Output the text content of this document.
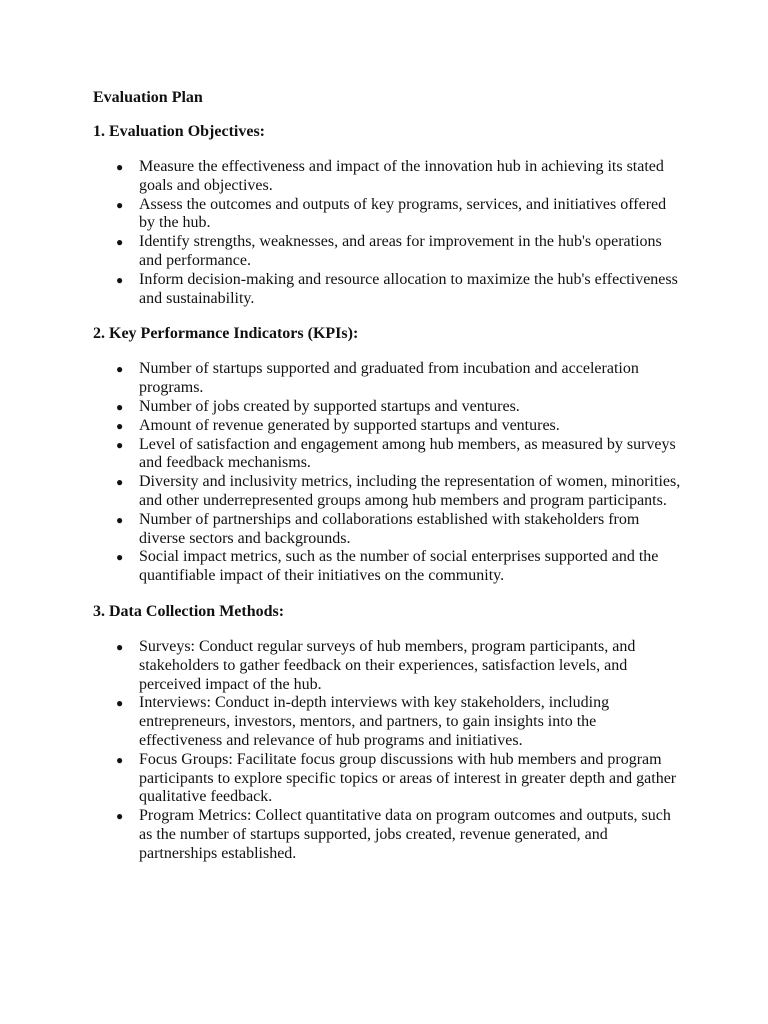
Evaluation Plan
1. Evaluation Objectives:
● Measure the effectiveness and impact of the innovation hub in achieving its stated goals and objectives.
● Assess the outcomes and outputs of key programs, services, and initiatives offered by the hub.
● Identify strengths, weaknesses, and areas for improvement in the hub's operations and performance.
● Inform decision-making and resource allocation to maximize the hub's effectiveness and sustainability.
2. Key Performance Indicators (KPIs):
● Number of startups supported and graduated from incubation and acceleration programs.
● Number of jobs created by supported startups and ventures.
● Amount of revenue generated by supported startups and ventures.
● Level of satisfaction and engagement among hub members, as measured by surveys and feedback mechanisms.
● Diversity and inclusivity metrics, including the representation of women, minorities, and other underrepresented groups among hub members and program participants.
● Number of partnerships and collaborations established with stakeholders from diverse sectors and backgrounds.
● Social impact metrics, such as the number of social enterprises supported and the quantifiable impact of their initiatives on the community.
3. Data Collection Methods:
● Surveys: Conduct regular surveys of hub members, program participants, and stakeholders to gather feedback on their experiences, satisfaction levels, and perceived impact of the hub.
● Interviews: Conduct in-depth interviews with key stakeholders, including entrepreneurs, investors, mentors, and partners, to gain insights into the effectiveness and relevance of hub programs and initiatives.
● Focus Groups: Facilitate focus group discussions with hub members and program participants to explore specific topics or areas of interest in greater depth and gather qualitative feedback.
● Program Metrics: Collect quantitative data on program outcomes and outputs, such as the number of startups supported, jobs created, revenue generated, and partnerships established.
